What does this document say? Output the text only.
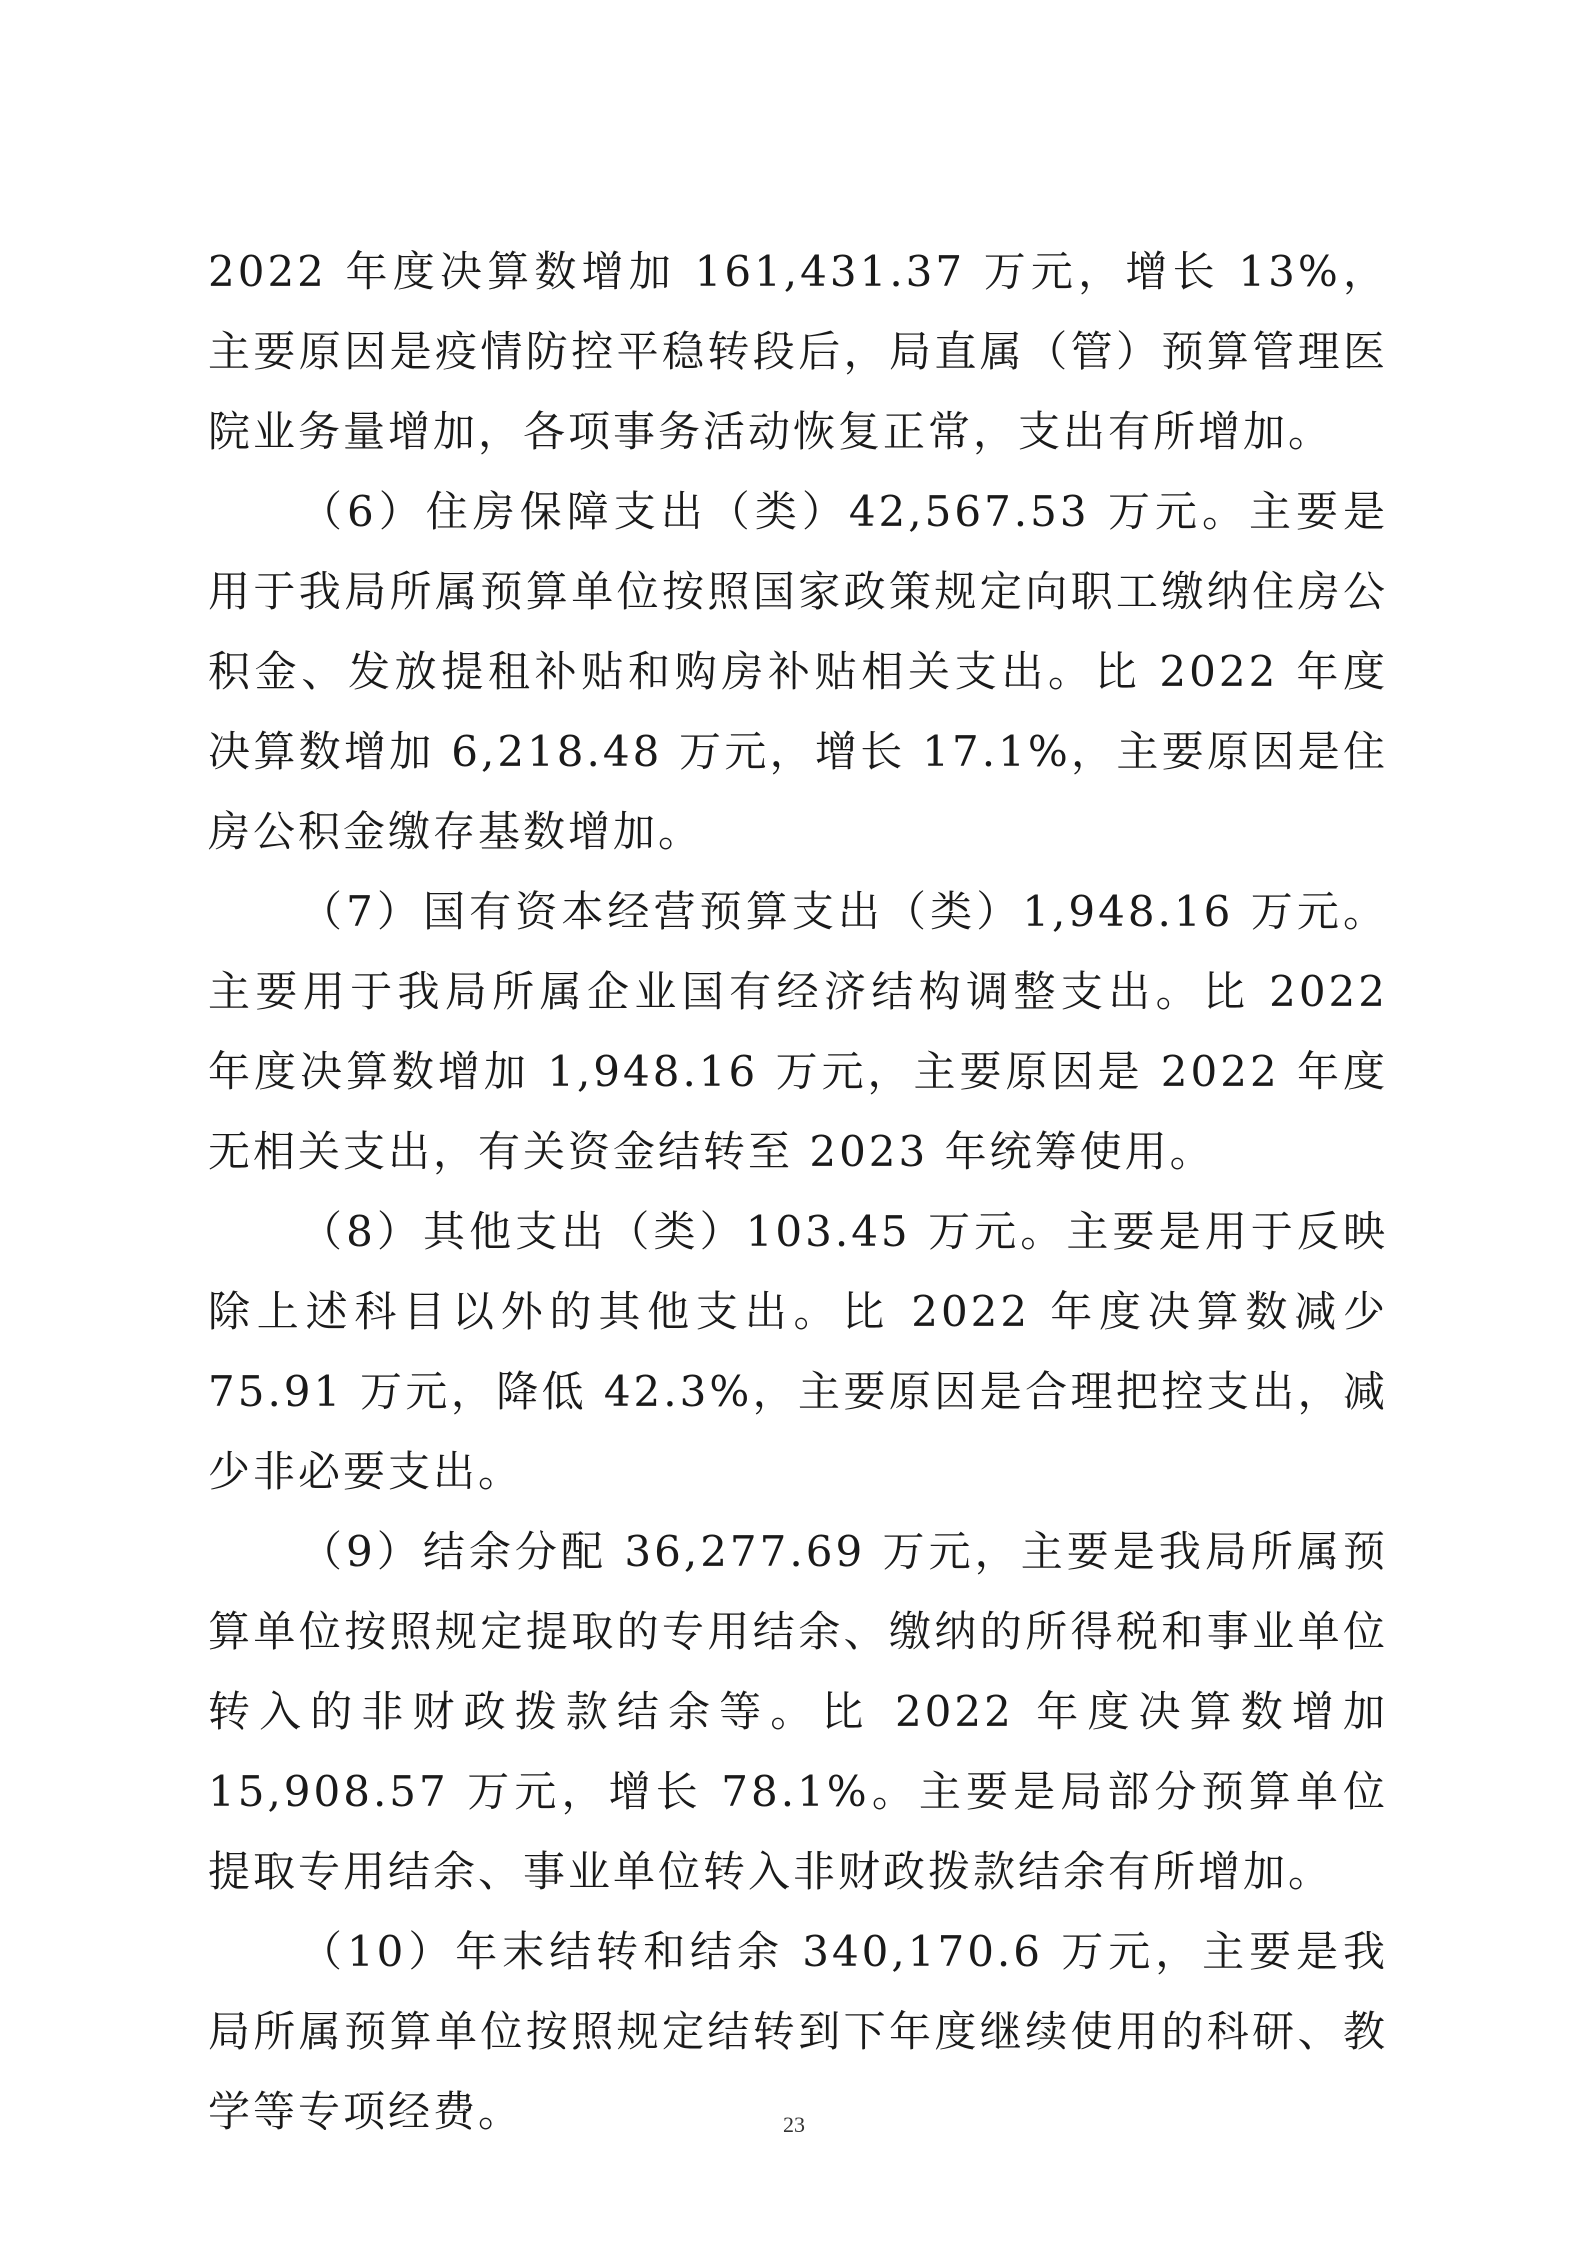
2022 年度决算数增加 161,431.37 万元，增长 13%，主要原因是疫情防控平稳转段后，局直属（管）预算管理医院业务量增加，各项事务活动恢复正常，支出有所增加。

（6）住房保障支出（类）42,567.53 万元。主要是用于我局所属预算单位按照国家政策规定向职工缴纳住房公积金、发放提租补贴和购房补贴相关支出。比 2022 年度决算数增加 6,218.48 万元，增长 17.1%，主要原因是住房公积金缴存基数增加。

（7）国有资本经营预算支出（类）1,948.16 万元。主要用于我局所属企业国有经济结构调整支出。比 2022 年度决算数增加 1,948.16 万元，主要原因是 2022 年度无相关支出，有关资金结转至 2023 年统筹使用。

（8）其他支出（类）103.45 万元。主要是用于反映除上述科目以外的其他支出。比 2022 年度决算数减少 75.91 万元，降低 42.3%，主要原因是合理把控支出，减少非必要支出。

（9）结余分配 36,277.69 万元，主要是我局所属预算单位按照规定提取的专用结余、缴纳的所得税和事业单位转入的非财政拨款结余等。比 2022 年度决算数增加 15,908.57 万元，增长 78.1%。主要是局部分预算单位提取专用结余、事业单位转入非财政拨款结余有所增加。

（10）年末结转和结余 340,170.6 万元，主要是我局所属预算单位按照规定结转到下年度继续使用的科研、教学等专项经费。	23
